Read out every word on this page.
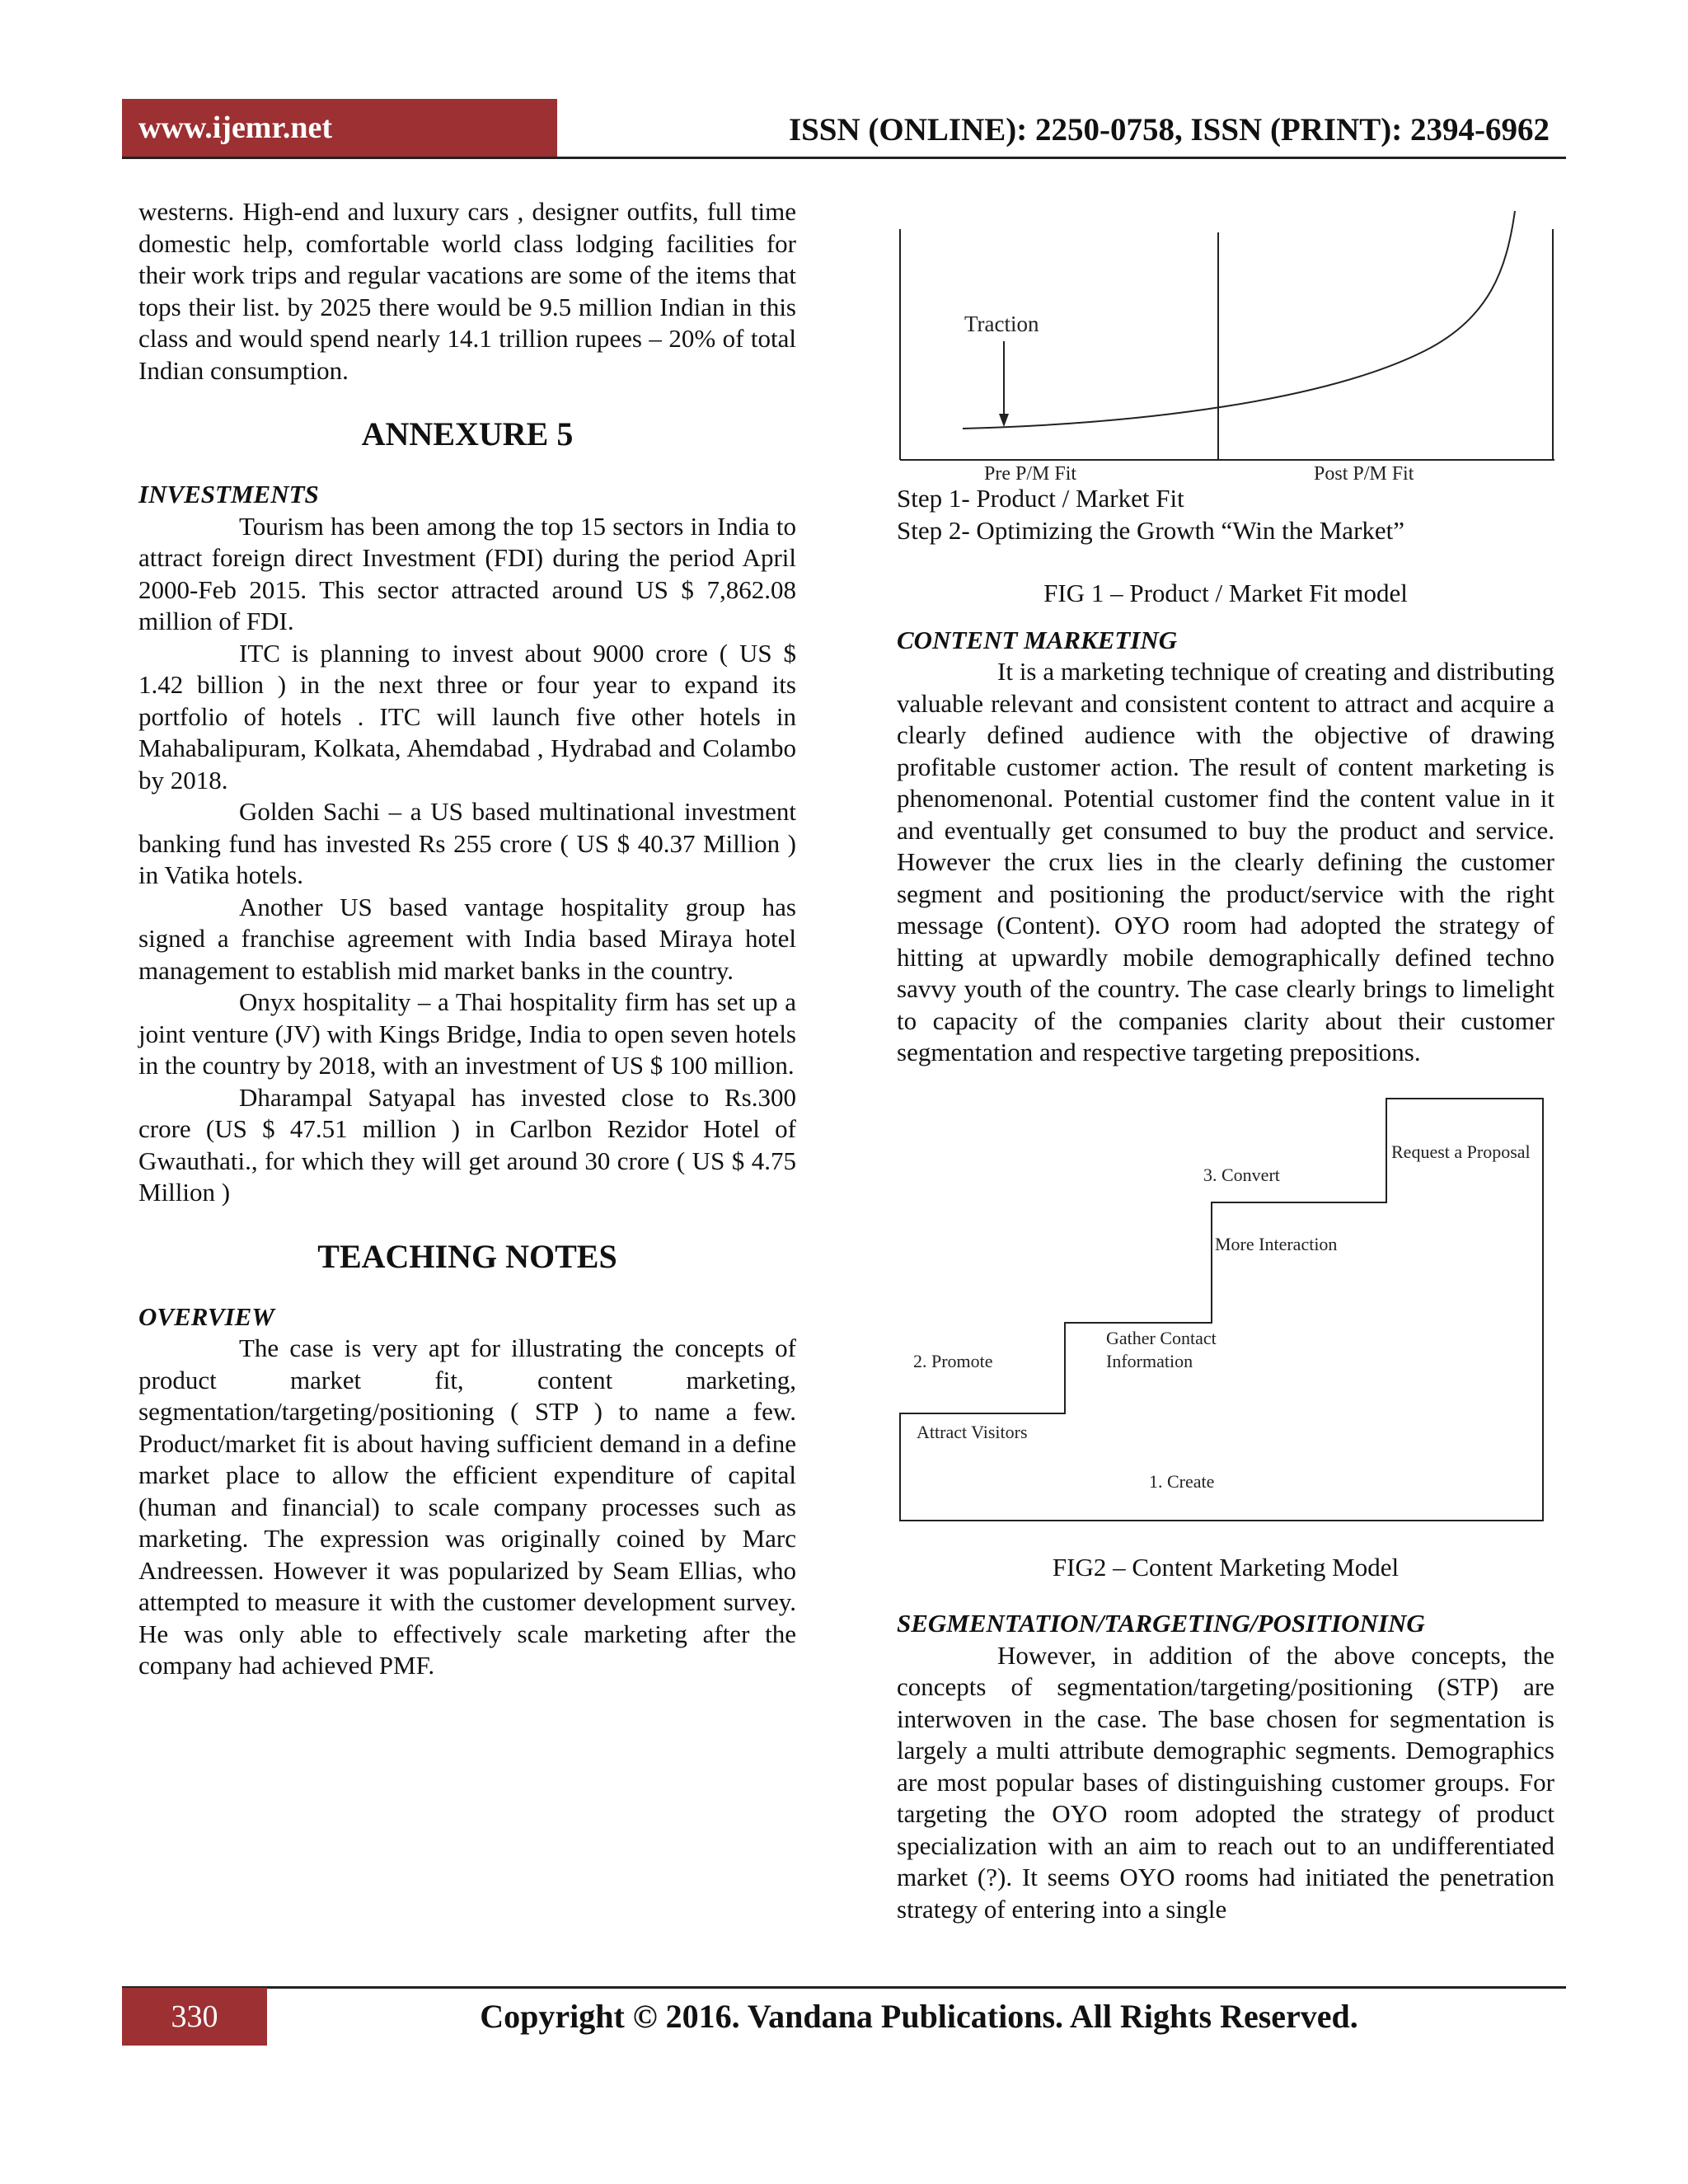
www.ijemr.net	ISSN (ONLINE): 2250-0758, ISSN (PRINT): 2394-6962

westerns. High-end and luxury cars , designer outfits, full time domestic help, comfortable world class lodging facilities for their work trips and regular vacations are some of the items that tops their list. by 2025 there would be 9.5 million Indian in this class and would spend nearly 14.1 trillion rupees – 20% of total Indian consumption.

ANNEXURE 5
INVESTMENTS

Tourism has been among the top 15 sectors in India to attract foreign direct Investment (FDI) during the period April 2000-Feb 2015. This sector attracted around US $ 7,862.08 million of FDI.

ITC is planning to invest about 9000 crore ( US $ 1.42 billion ) in the next three or four year to expand its portfolio of hotels . ITC will launch five other hotels in Mahabalipuram, Kolkata, Ahemdabad , Hydrabad and Colambo by 2018.

Golden Sachi – a US based multinational investment banking fund has invested Rs 255 crore ( US $ 40.37 Million ) in Vatika hotels.

Another US based vantage hospitality group has signed a franchise agreement with India based Miraya hotel management to establish mid market banks in the country.

Onyx hospitality – a Thai hospitality firm has set up a joint venture (JV) with Kings Bridge, India to open seven hotels in the country by 2018, with an investment of US $ 100 million.

Dharampal Satyapal has invested close to Rs.300 crore (US $ 47.51 million ) in Carlbon Rezidor Hotel of Gwauthati., for which they will get around 30 crore ( US $ 4.75 Million )

TEACHING NOTES
OVERVIEW

The case is very apt for illustrating the concepts of product market fit, content marketing, segmentation/targeting/positioning ( STP ) to name a few. Product/market fit is about having sufficient demand in a define market place to allow the efficient expenditure of capital (human and financial) to scale company processes such as marketing. The expression was originally coined by Marc Andreessen. However it was popularized by Seam Ellias, who attempted to measure it with the customer development survey. He was only able to effectively scale marketing after the company had achieved PMF.

Traction
Pre P/M Fit	Post P/M Fit

Step 1- Product / Market Fit

Step 2- Optimizing the Growth “Win the Market”

FIG 1 – Product / Market Fit model

CONTENT MARKETING

It is a marketing technique of creating and distributing valuable relevant and consistent content to attract and acquire a clearly defined audience with the objective of drawing profitable customer action. The result of content marketing is phenomenonal. Potential customer find the content value in it and eventually get consumed to buy the product and service. However the crux lies in the clearly defining the customer segment and positioning the product/service with the right message (Content). OYO room had adopted the strategy of hitting at upwardly mobile demographically defined techno savvy youth of the country. The case clearly brings to limelight to capacity of the companies clarity about their customer segmentation and respective targeting prepositions.

Request a Proposal
3. Convert
More Interaction
Gather Contact
Information
2. Promote
Attract Visitors
1. Create

FIG2 – Content Marketing Model

SEGMENTATION/TARGETING/POSITIONING

However, in addition of the above concepts, the concepts of segmentation/targeting/positioning (STP) are interwoven in the case. The base chosen for segmentation is largely a multi attribute demographic segments. Demographics are most popular bases of distinguishing customer groups. For targeting the OYO room adopted the strategy of product specialization with an aim to reach out to an undifferentiated market (?). It seems OYO rooms had initiated the penetration strategy of entering into a single

330	Copyright © 2016. Vandana Publications. All Rights Reserved.
